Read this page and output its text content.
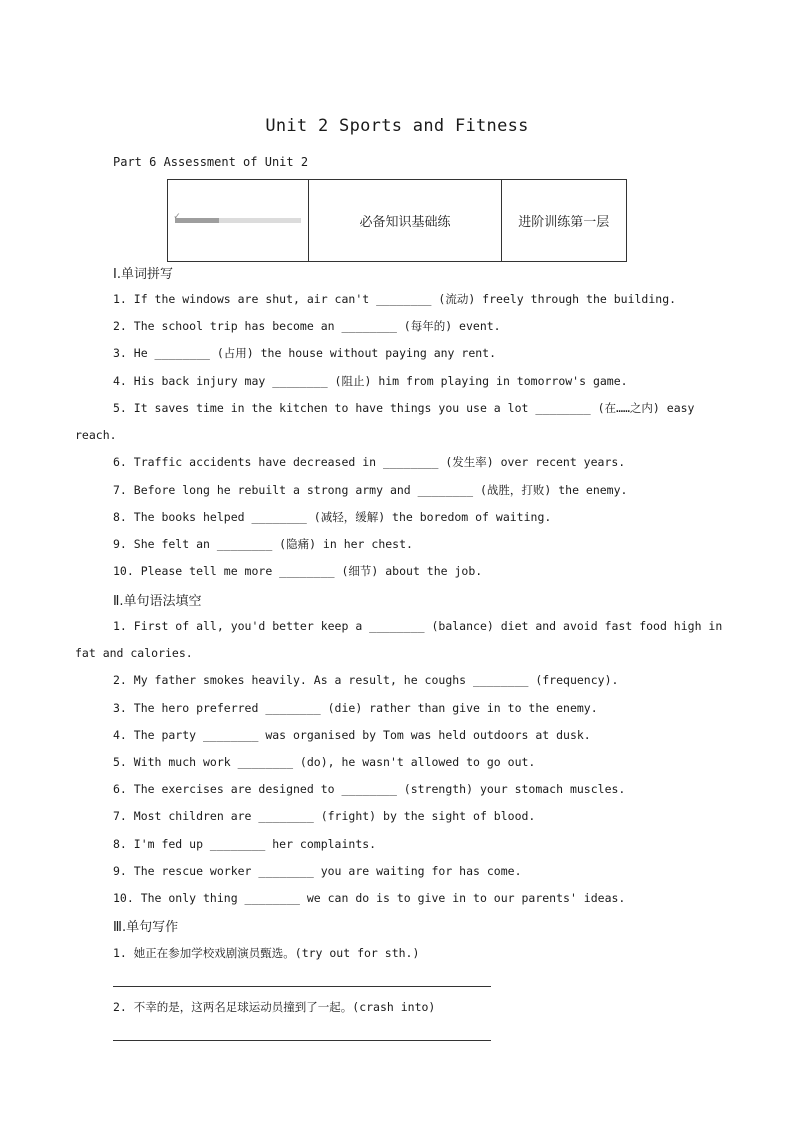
Unit 2 Sports and Fitness
Part 6 Assessment of Unit 2
✓	必备知识基础练	进阶训练第一层
Ⅰ.单词拼写
1. If the windows are shut, air can't ________ (流动) freely through the building.
2. The school trip has become an ________ (每年的) event.
3. He ________ (占用) the house without paying any rent.
4. His back injury may ________ (阻止) him from playing in tomorrow's game.
5. It saves time in the kitchen to have things you use a lot ________ (在……之内) easy
reach.
6. Traffic accidents have decreased in ________ (发生率) over recent years.
7. Before long he rebuilt a strong army and ________ (战胜，打败) the enemy.
8. The books helped ________ (减轻，缓解) the boredom of waiting.
9. She felt an ________ (隐痛) in her chest.
10. Please tell me more ________ (细节) about the job.
Ⅱ.单句语法填空
1. First of all, you'd better keep a ________ (balance) diet and avoid fast food high in
fat and calories.
2. My father smokes heavily. As a result, he coughs ________ (frequency).
3. The hero preferred ________ (die) rather than give in to the enemy.
4. The party ________ was organised by Tom was held outdoors at dusk.
5. With much work ________ (do), he wasn't allowed to go out.
6. The exercises are designed to ________ (strength) your stomach muscles.
7. Most children are ________ (fright) by the sight of blood.
8. I'm fed up ________ her complaints.
9. The rescue worker ________ you are waiting for has come.
10. The only thing ________ we can do is to give in to our parents' ideas.
Ⅲ.单句写作
1. 她正在参加学校戏剧演员甄选。(try out for sth.)
2. 不幸的是，这两名足球运动员撞到了一起。(crash into)
